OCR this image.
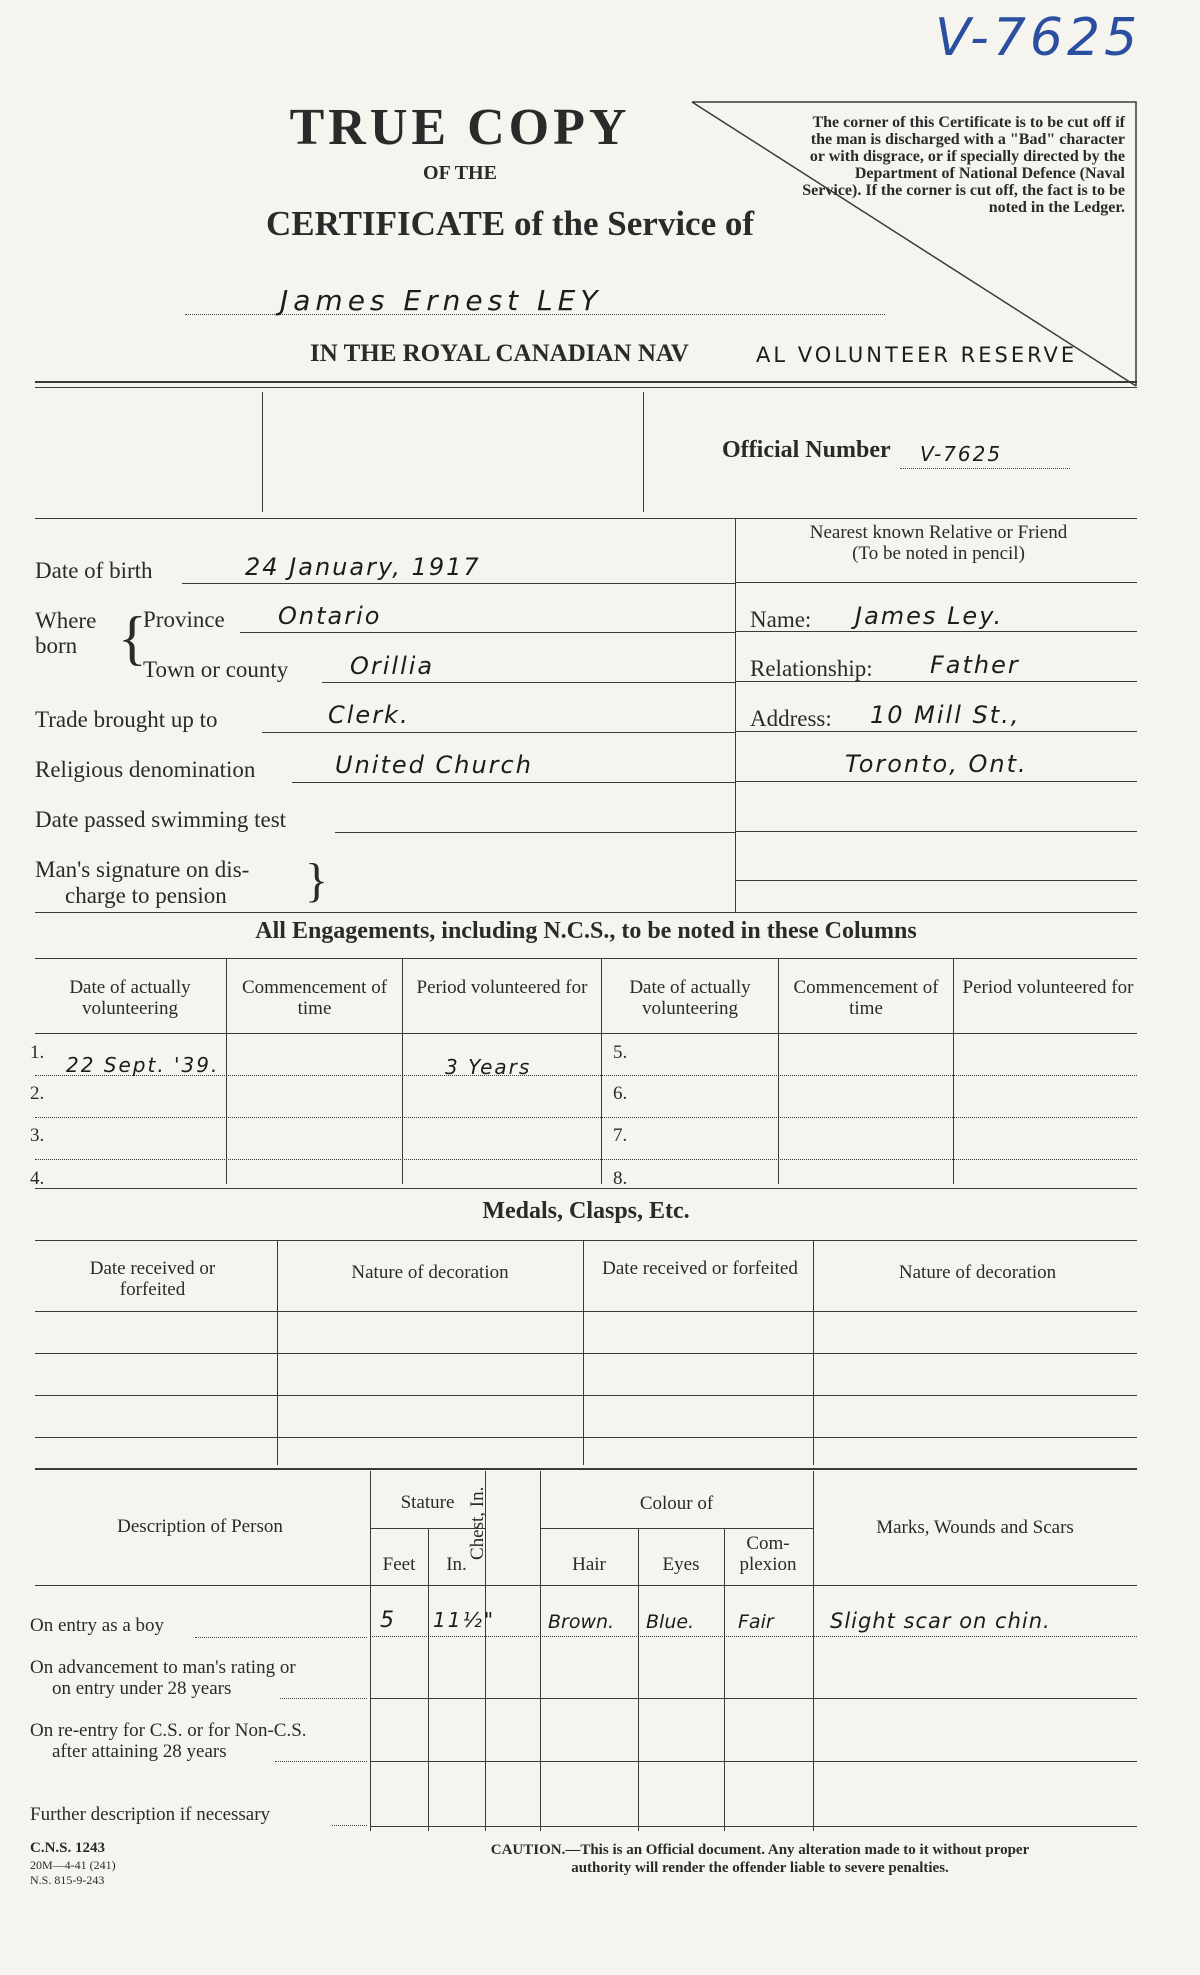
V-7625
TRUE COPY
OF THE
CERTIFICATE of the Service of
James Ernest LEY
IN THE ROYAL CANADIAN NAV	AL VOLUNTEER RESERVE
The corner of this Certificate is to be cut off if the man is discharged with a "Bad" character or with disgrace, or if specially directed by the Department of National Defence (Naval Service). If the corner is cut off, the fact is to be noted in the Ledger.
Official Number V-7625
Date of birth	24 January, 1917
Where born {
Province Ontario
Town or county	Orillia
Trade brought up to	Clerk.
Religious denomination	United Church
Date passed swimming test
Man's signature on dis-
charge to pension }
Nearest known Relative or Friend
(To be noted in pencil)
Name: James Ley.
Relationship: Father
Address: 10 Mill St.,
Toronto, Ont.
All Engagements, including N.C.S., to be noted in these Columns
Date of actually volunteering
Commencement of time
Period volunteered for	Date of actually volunteering
Commencement of time
Period volunteered for
1.
2.
3.
4.
5.
6.
7.
8.
22 Sept. '39.	3 Years
Medals, Clasps, Etc.
Date received or forfeited
Nature of decoration	Date received or forfeited	Nature of decoration
Description of Person
Stature
Feet	In.
Chest, In.	Colour of
Hair	Eyes
Com- plexion
Marks, Wounds and Scars
On entry as a boy	5 11½"	Brown. Blue. Fair	Slight scar on chin.
On advancement to man's rating or
on entry under 28 years
On re-entry for C.S. or for Non-C.S.
after attaining 28 years
Further description if necessary
C.N.S. 1243
20M—4-41 (241)
N.S. 815-9-243
CAUTION.—This is an Official document. Any alteration made to it without proper
authority will render the offender liable to severe penalties.
